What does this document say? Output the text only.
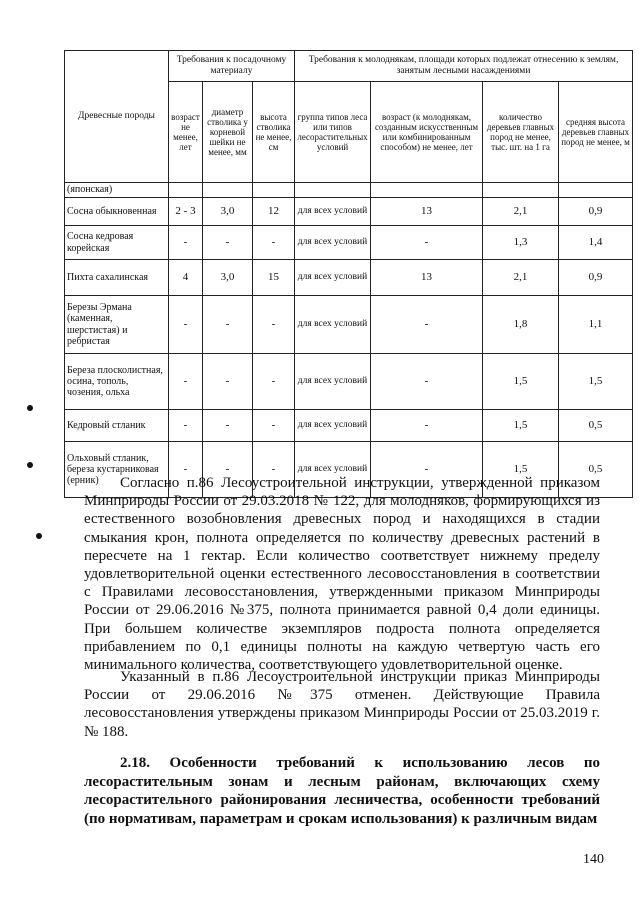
Древесные породы	Требования к посадочному материалу			Требования к молоднякам, площади которых подлежат отнесению к землям, занятым лесными насаждениями			
	возраст не менее, лет	диаметр стволика у корневой шейки не менее, мм	высота стволика не менее, см	группа типов леса или типов лесорастительных условий	возраст (к молоднякам, созданным искусственным или комбинированным способом) не менее, лет	количество деревьев главных пород не менее, тыс. шт. на 1 га	средняя высота деревьев главных пород не менее, м
(японская)							
Сосна обыкновенная	2 - 3	3,0	12	для всех условий	13	2,1	0,9
Сосна кедровая корейская	-	-	-	для всех условий	-	1,3	1,4
Пихта сахалинская	4	3,0	15	для всех условий	13	2,1	0,9
Березы Эрмана (каменная, шерстистая) и ребристая	-	-	-	для всех условий	-	1,8	1,1
Береза плосколистная, осина, тополь, чозения, ольха	-	-	-	для всех условий	-	1,5	1,5
Кедровый стланик	-	-	-	для всех условий	-	1,5	0,5
Ольховый стланик, береза кустарниковая (ерник)	-	-	-	для всех условий	-	1,5	0,5

Согласно п.86 Лесоустроительной инструкции, утвержденной приказом Минприроды России от 29.03.2018 № 122, для молодняков, формирующихся из естественного возобновления древесных пород и находящихся в стадии смыкания крон, полнота определяется по количеству древесных растений в пересчете на 1 гектар. Если количество соответствует нижнему пределу удовлетворительной оценки естественного лесовосстановления в соответствии с Правилами лесовосстановления, утвержденными приказом Минприроды России от 29.06.2016 №375, полнота принимается равной 0,4 доли единицы. При большем количестве экземпляров подроста полнота определяется прибавлением по 0,1 единицы полноты на каждую четвертую часть его минимального количества, соответствующего удовлетворительной оценке.

Указанный в п.86 Лесоустроительной инструкции приказ Минприроды России от 29.06.2016 №375 отменен. Действующие Правила лесовосстановления утверждены приказом Минприроды России от 25.03.2019 г. № 188.

2.18. Особенности требований к использованию лесов по лесорастительным зонам и лесным районам, включающих схему лесорастительного районирования лесничества, особенности требований (по нормативам, параметрам и срокам использования) к различным видам

140
